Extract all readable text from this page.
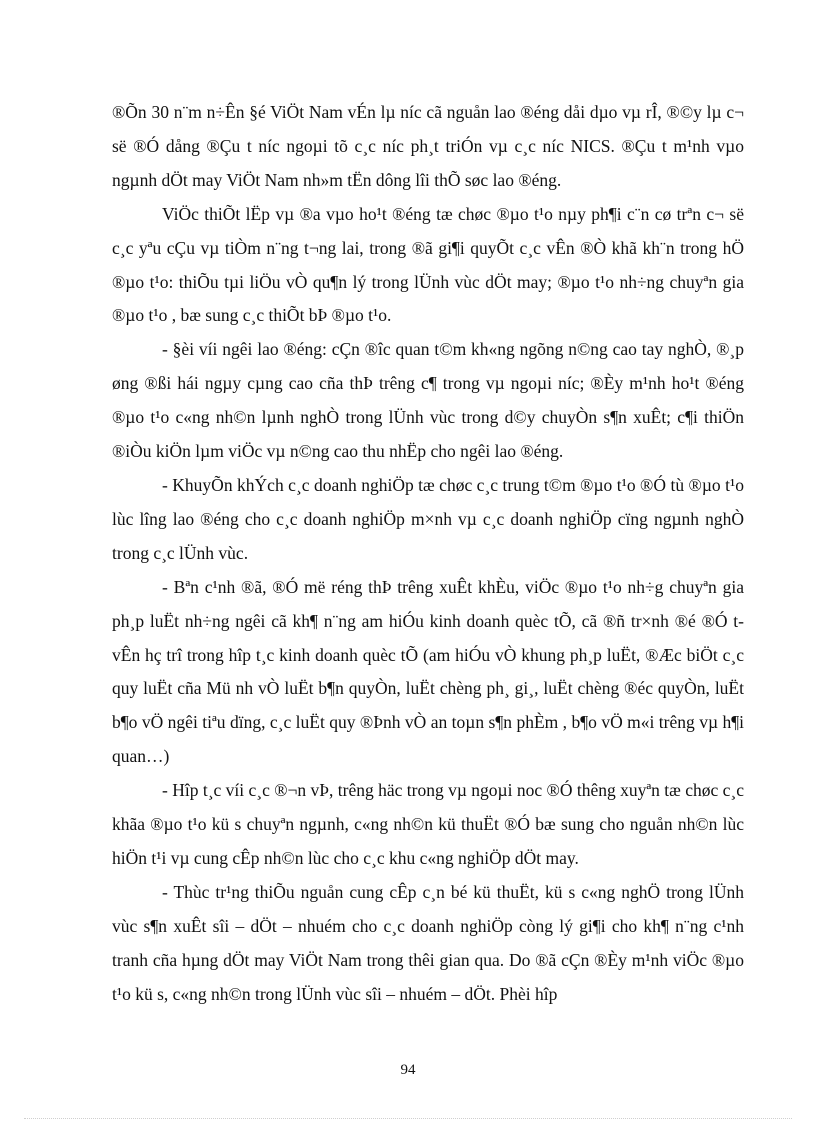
®Õn 30 n¨m n÷Ên §é ViÖt Nam vÉn lµ níc cã nguån lao ®éng dåi dµo vµ rÎ, ®©y lµ c¬ së ®Ó dång ®Çu t níc ngoµi tõ c¸c níc ph¸t triÓn vµ c¸c níc NICS. ®Çu t m¹nh vµo ngµnh dÖt may ViÖt Nam nh»m tËn dông lîi thÕ søc lao ®éng.

ViÖc thiÕt lËp vµ ®a vµo ho¹t ®éng tæ chøc ®µo t¹o nµy ph¶i c¨n cø trªn c¬ së c¸c yªu cÇu vµ tiÒm n¨ng t¬ng lai, trong ®ã gi¶i quyÕt c¸c vÊn ®Ò khã kh¨n trong hÖ ®µo t¹o: thiÕu tµi liÖu vÒ qu¶n lý trong lÜnh vùc dÖt may; ®µo t¹o nh÷ng chuyªn gia ®µo t¹o , bæ sung c¸c thiÕt bÞ ®µo t¹o.

- §èi víi ngêi lao ®éng: cÇn ®îc quan t©m kh«ng ngõng n©ng cao tay nghÒ, ®¸p øng ®ßi hái ngµy cµng cao cña thÞ trêng c¶ trong vµ ngoµi níc; ®Èy m¹nh ho¹t ®éng ®µo t¹o c«ng nh©n lµnh nghÒ trong lÜnh vùc trong d©y chuyÒn s¶n xuÊt; c¶i thiÖn ®iÒu kiÖn lµm viÖc vµ n©ng cao thu nhËp cho ngêi lao ®éng.

- KhuyÕn khÝch c¸c doanh nghiÖp tæ chøc c¸c trung t©m ®µo t¹o ®Ó tù ®µo t¹o lùc lîng lao ®éng cho c¸c doanh nghiÖp m×nh vµ c¸c doanh nghiÖp cïng ngµnh nghÒ trong c¸c lÜnh vùc.

- Bªn c¹nh ®ã, ®Ó më réng thÞ trêng xuÊt khÈu, viÖc ®µo t¹o nh÷g chuyªn gia ph¸p luËt nh÷ng ngêi cã kh¶ n¨ng am hiÓu kinh doanh quèc tÕ, cã ®ñ tr×nh ®é ®Ó t vÊn hç trî trong hîp t¸c kinh doanh quèc tÕ (am hiÓu vÒ khung ph¸p luËt, ®Æc biÖt c¸c quy luËt cña Mü nh vÒ luËt b¶n quyÒn, luËt chèng ph¸ gi¸, luËt chèng ®éc quyÒn, luËt b¶o vÖ ngêi tiªu dïng, c¸c luËt quy ®Þnh vÒ an toµn s¶n phÈm , b¶o vÖ m«i trêng vµ h¶i quan…)

- Hîp t¸c víi c¸c ®¬n vÞ, trêng häc trong vµ ngoµi noc ®Ó thêng xuyªn tæ chøc c¸c khãa ®µo t¹o kü s chuyªn ngµnh, c«ng nh©n kü thuËt ®Ó bæ sung cho nguån nh©n lùc hiÖn t¹i vµ cung cÊp nh©n lùc cho c¸c khu c«ng nghiÖp dÖt may.

- Thùc tr¹ng thiÕu nguån cung cÊp c¸n bé kü thuËt, kü s c«ng nghÖ trong lÜnh vùc s¶n xuÊt sîi – dÖt – nhuém cho c¸c doanh nghiÖp còng lý gi¶i cho kh¶ n¨ng c¹nh tranh cña hµng dÖt may ViÖt Nam trong thêi gian qua. Do ®ã cÇn ®Èy m¹nh viÖc ®µo t¹o kü s, c«ng nh©n trong lÜnh vùc sîi – nhuém – dÖt. Phèi hîp

94
